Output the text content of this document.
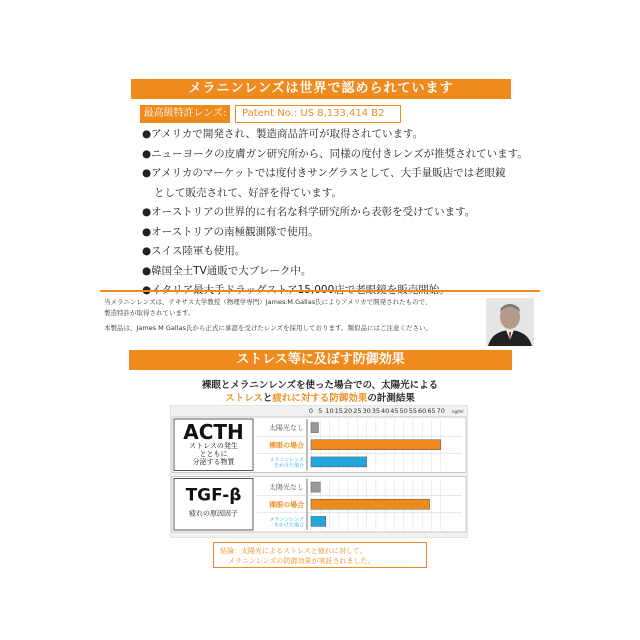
メラニンレンズは世界で認められています
最高級特許レンズ:	Patent No.: US 8,133,414 B2
●アメリカで開発され、製造商品許可が取得されています。
●ニューヨークの皮膚ガン研究所から、同様の度付きレンズが推奨されています。
●アメリカのマーケットでは度付きサングラスとして、大手量販店では老眼鏡
として販売されて、好評を得ています。
●オーストリアの世界的に有名な科学研究所から表彰を受けています。
●オーストリアの南極観測隊で使用。
●スイス陸軍も使用。
●韓国全土TV通販で大ブレーク中。
当メラニンレンズは、テキサス大学教授（物理学専門）James.M.Gallas氏によりアメリカで開発されたもので、
製造特許が取得されています。
本製品は、James M Gallas氏から正式に承認を受けたレンズを採用しております。類似品にはご注意ください。
ストレス等に及ぼす防御効果
裸眼とメラニンレンズを使った場合での、太陽光による
ストレスと疲れに対する防御効果の計測結果
0 5 10 15 20 25 30 35 40 45 50 55 60 65 70 ng/ml
ACTH
ストレスの発生
とともに
分泌する物質
太陽光なし
裸眼の場合
メラニンレンズ
をかけた場合
TGF-β
疲れの原因因子
太陽光なし
裸眼の場合
メラニンレンズ
をかけた場合
結論：太陽光によるストレスと疲れに対して、
メラニンレンズの防御効果が実証されました。
